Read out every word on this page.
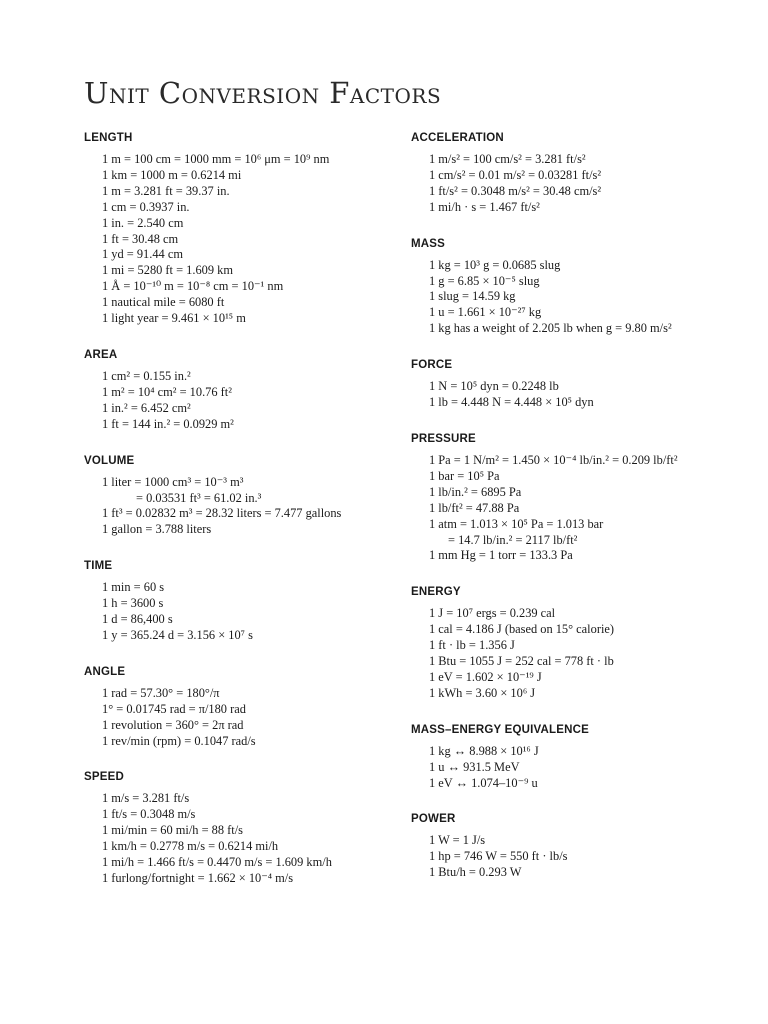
Unit Conversion Factors
LENGTH
1 m = 100 cm = 1000 mm = 10⁶ μm = 10⁹ nm
1 km = 1000 m = 0.6214 mi
1 m = 3.281 ft = 39.37 in.
1 cm = 0.3937 in.
1 in. = 2.540 cm
1 ft = 30.48 cm
1 yd = 91.44 cm
1 mi = 5280 ft = 1.609 km
1 Å = 10⁻¹⁰ m = 10⁻⁸ cm = 10⁻¹ nm
1 nautical mile = 6080 ft
1 light year = 9.461 × 10¹⁵ m
AREA
1 cm² = 0.155 in.²
1 m² = 10⁴ cm² = 10.76 ft²
1 in.² = 6.452 cm²
1 ft = 144 in.² = 0.0929 m²
VOLUME
1 liter = 1000 cm³ = 10⁻³ m³
= 0.03531 ft³ = 61.02 in.³
1 ft³ = 0.02832 m³ = 28.32 liters = 7.477 gallons
1 gallon = 3.788 liters
TIME
1 min = 60 s
1 h = 3600 s
1 d = 86,400 s
1 y = 365.24 d = 3.156 × 10⁷ s
ANGLE
1 rad = 57.30° = 180°/π
1° = 0.01745 rad = π/180 rad
1 revolution = 360° = 2π rad
1 rev/min (rpm) = 0.1047 rad/s
SPEED
1 m/s = 3.281 ft/s
1 ft/s = 0.3048 m/s
1 mi/min = 60 mi/h = 88 ft/s
1 km/h = 0.2778 m/s = 0.6214 mi/h
1 mi/h = 1.466 ft/s = 0.4470 m/s = 1.609 km/h
1 furlong/fortnight = 1.662 × 10⁻⁴ m/s
ACCELERATION
1 m/s² = 100 cm/s² = 3.281 ft/s²
1 cm/s² = 0.01 m/s² = 0.03281 ft/s²
1 ft/s² = 0.3048 m/s² = 30.48 cm/s²
1 mi/h · s = 1.467 ft/s²
MASS
1 kg = 10³ g = 0.0685 slug
1 g = 6.85 × 10⁻⁵ slug
1 slug = 14.59 kg
1 u = 1.661 × 10⁻²⁷ kg
1 kg has a weight of 2.205 lb when g = 9.80 m/s²
FORCE
1 N = 10⁵ dyn = 0.2248 lb
1 lb = 4.448 N = 4.448 × 10⁵ dyn
PRESSURE
1 Pa = 1 N/m² = 1.450 × 10⁻⁴ lb/in.² = 0.209 lb/ft²
1 bar = 10⁵ Pa
1 lb/in.² = 6895 Pa
1 lb/ft² = 47.88 Pa
1 atm = 1.013 × 10⁵ Pa = 1.013 bar
= 14.7 lb/in.² = 2117 lb/ft²
1 mm Hg = 1 torr = 133.3 Pa
ENERGY
1 J = 10⁷ ergs = 0.239 cal
1 cal = 4.186 J (based on 15° calorie)
1 ft · lb = 1.356 J
1 Btu = 1055 J = 252 cal = 778 ft · lb
1 eV = 1.602 × 10⁻¹⁹ J
1 kWh = 3.60 × 10⁶ J
MASS–ENERGY EQUIVALENCE
1 kg ↔ 8.988 × 10¹⁶ J
1 u ↔ 931.5 MeV
1 eV ↔ 1.074–10⁻⁹ u
POWER
1 W = 1 J/s
1 hp = 746 W = 550 ft · lb/s
1 Btu/h = 0.293 W
